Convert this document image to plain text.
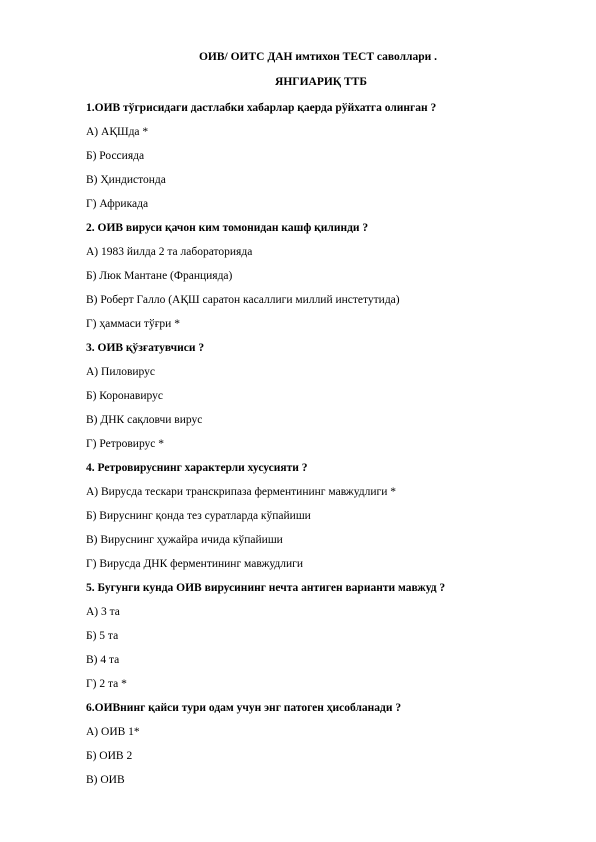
ОИВ/ ОИТС ДАН имтихон ТЕСТ саволлари .
ЯНГИАРИҚ ТТБ
1.ОИВ тўгрисидаги дастлабки хабарлар қаерда рўйхатга олинган ?
А) АҚШда *
Б) Россияда
В) Ҳиндистонда
Г) Африкада
2. ОИВ вируси қачон ким томонидан кашф қилинди ?
А) 1983 йилда 2 та лабораторияда
Б) Люк Мантане (Францияда)
В) Роберт Галло (АҚШ саратон касаллиги миллий инстетутида)
Г) ҳаммаси тўғри *
3. ОИВ қўзғатувчиси ?
А) Пиловирус
Б) Коронавирус
В) ДНК сақловчи вирус
Г) Ретровирус *
4. Ретровируснинг характерли хусусияти ?
А) Вирусда тескари транскрипаза ферментининг мавжудлиги *
Б) Вируснинг қонда тез суратларда кўпайиши
В) Вируснинг ҳужайра ичида кўпайиши
Г) Вирусда ДНК ферментининг мавжудлиги
5. Бугунги кунда ОИВ вирусининг нечта антиген варианти мавжуд ?
А) 3 та
Б) 5 та
В) 4 та
Г) 2 та *
6.ОИВнинг қайси тури одам учун энг патоген ҳисобланади ?
А) ОИВ 1*
Б) ОИВ 2
В) ОИВ
